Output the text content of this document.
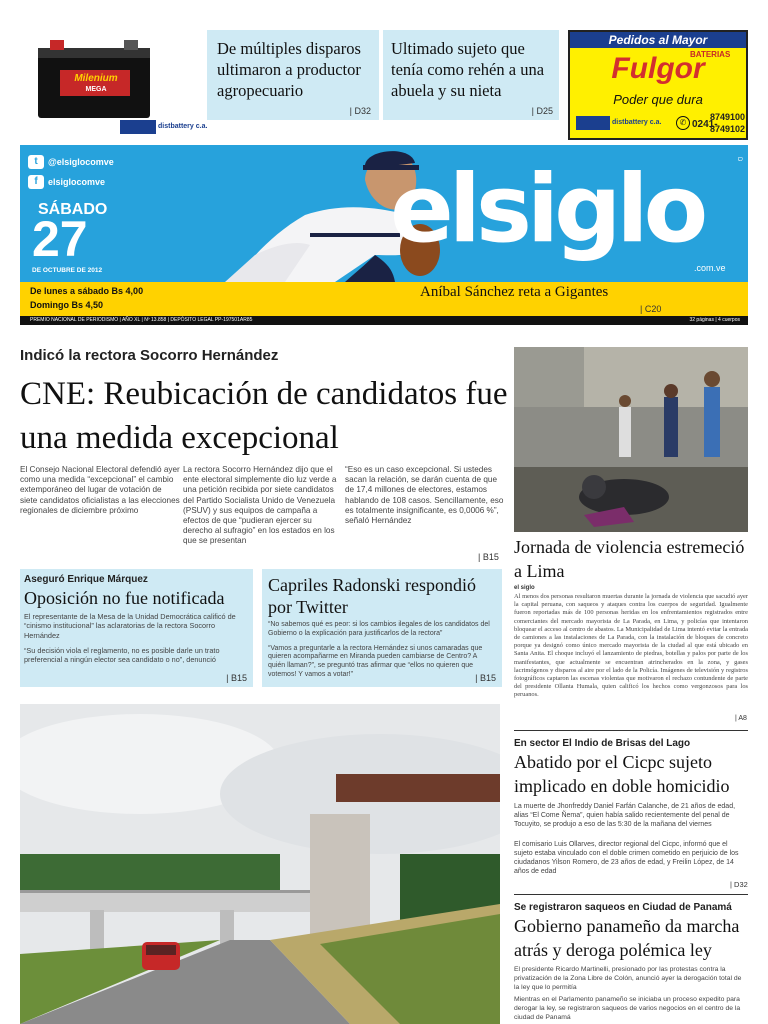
Milenium
MEGA
distbattery c.a.
De múltiples disparos ultimaron a productor agropecuario
| D32
Ultimado sujeto que tenía como rehén a una abuela y su nieta
| D25
Pedidos al Mayor
BATERIAS
Fulgor
Poder que dura
distbattery c.a.	✆ 0241-
8749100
8749102
t	@elsiglocomve
f	elsiglocomve
SÁBADO
27
DE OCTUBRE DE 2012
elsiglo
.com.ve
D
De lunes a sábado Bs 4,00
Domingo Bs 4,50
Aníbal Sánchez reta a Gigantes
| C20
PREMIO NACIONAL DE PERIODISMO | AÑO XL | Nº 13.858 | DEPÓSITO LEGAL PP-197501AR85	32 páginas | 4 cuerpos
Indicó la rectora Socorro Hernández
CNE: Reubicación de candidatos fue una medida excepcional
El Consejo Nacional Electoral defendió ayer como una medida “excepcional” el cambio extemporáneo del lugar de votación de siete candidatos oficialistas a las elecciones regionales de diciembre próximo
La rectora Socorro Hernández dijo que el ente electoral simplemente dio luz verde a una petición recibida por siete candidatos del Partido Socialista Unido de Venezuela (PSUV) y sus equipos de campaña a efectos de que “pudieran ejercer su derecho al sufragio” en los estados en los que se presentan
“Eso es un caso excepcional. Si ustedes sacan la relación, se darán cuenta de que de 17,4 millones de electores, estamos hablando de 108 casos. Sencillamente, eso es totalmente insignificante, es 0,0006 %”, señaló Hernández
| B15
Aseguró Enrique Márquez
Oposición no fue notificada
El representante de la Mesa de la Unidad Democrática calificó de “cinismo institucional” las aclaratorias de la rectora Socorro Hernández
“Su decisión viola el reglamento, no es posible darle un trato preferencial a ningún elector sea candidato o no”, denunció
| B15
Capriles Radonski respondió por Twitter
“No sabemos qué es peor: si los cambios ilegales de los candidatos del Gobierno o la explicación para justificarlos de la rectora”
“Vamos a preguntarle a la rectora Hernández si unos camaradas que quieren acompañarme en Miranda pueden cambiarse de Centro? A quién llaman?”, se preguntó tras afirmar que “ellos no quieren que votemos! Y vamos a votar!”	| B15
Jornada de violencia estremeció a Lima
el siglo
Al menos dos personas resultaron muertas durante la jornada de violencia que sacudió ayer la capital peruana, con saqueos y ataques contra los cuerpos de seguridad. Igualmente fueron reportadas más de 100 personas heridas en los enfrentamientos registrados entre comerciantes del mercado mayorista de La Parada, en Lima, y policías que intentaron bloquear el acceso al centro de abastos. La Municipalidad de Lima intentó evitar la entrada de camiones a las instalaciones de La Parada, con la instalación de bloques de concreto porque ya designó como único mercado mayorista de la ciudad al que está ubicado en Santa Anita. El choque incluyó el lanzamiento de piedras, botellas y palos por parte de los manifestantes, que actualmente se encuentran atrincherados en la zona, y gases lacrimógenos y disparos al aire por el lado de la Policía. Imágenes de televisión y registros fotográficos captaron las escenas violentas que motivaron el rechazo contundente de parte del presidente Ollanta Humala, quien calificó los hechos como vergonzosos para los peruanos.
| A8
En sector El Indio de Brisas del Lago
Abatido por el Cicpc sujeto implicado en doble homicidio
La muerte de Jhonfreddy Daniel Farfán Calanche, de 21 años de edad, alias “El Come Ñema”, quien había salido recientemente del penal de Tocuyito, se produjo a eso de las 5:30 de la mañana del viernes
El comisario Luis Ollarves, director regional del Cicpc, informó que el sujeto estaba vinculado con el doble crimen cometido en perjuicio de los ciudadanos Yilson Romero, de 23 años de edad, y Freilin López, de 14 años de edad
| D32
Se registraron saqueos en Ciudad de Panamá
Gobierno panameño da marcha atrás y deroga polémica ley
El presidente Ricardo Martinelli, presionado por las protestas contra la privatización de la Zona Libre de Colón, anunció ayer la derogación total de la ley que lo permitía
Mientras en el Parlamento panameño se iniciaba un proceso expedito para derogar la ley, se registraron saqueos de varios negocios en el centro de la ciudad de Panamá
